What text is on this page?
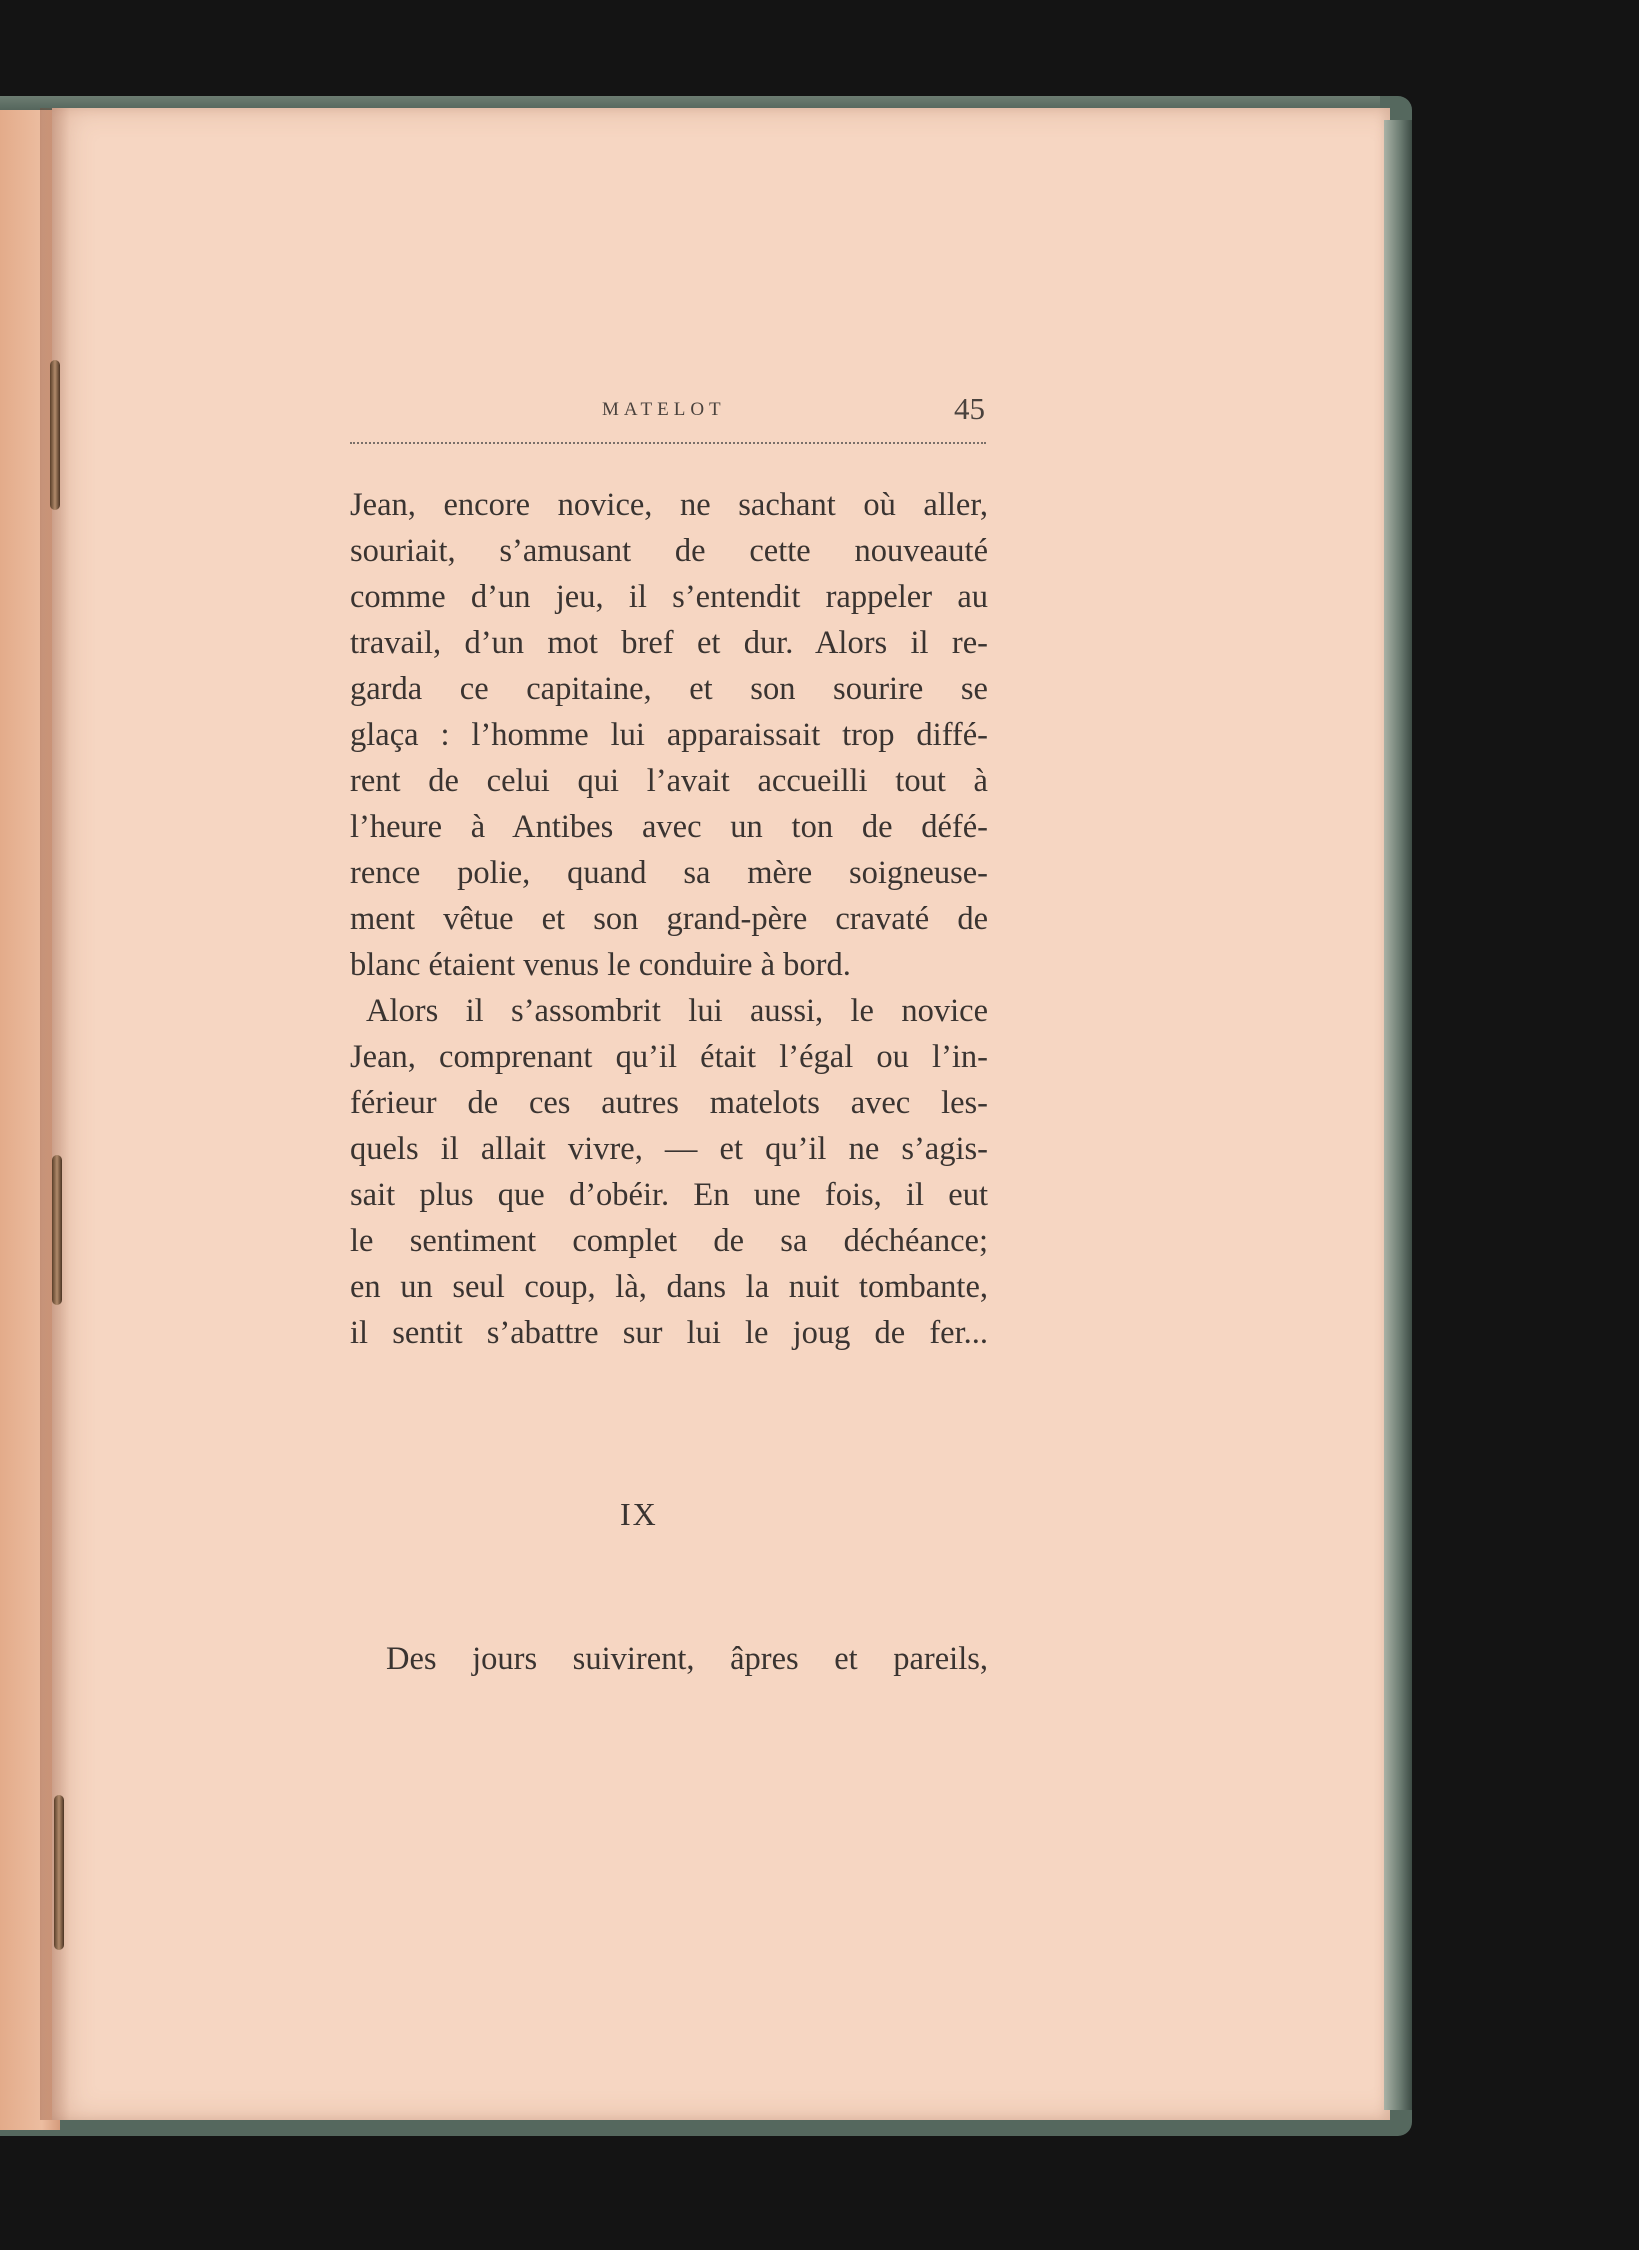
MATELOT	45
Jean, encore novice, ne sachant où aller,
souriait, s’amusant de cette nouveauté
comme d’un jeu, il s’entendit rappeler au
travail, d’un mot bref et dur. Alors il re-
garda ce capitaine, et son sourire se
glaça : l’homme lui apparaissait trop diffé-
rent de celui qui l’avait accueilli tout à
l’heure à Antibes avec un ton de défé-
rence polie, quand sa mère soigneuse-
ment vêtue et son grand-père cravaté de
blanc étaient venus le conduire à bord.
Alors il s’assombrit lui aussi, le novice
Jean, comprenant qu’il était l’égal ou l’in-
férieur de ces autres matelots avec les-
quels il allait vivre, — et qu’il ne s’agis-
sait plus que d’obéir. En une fois, il eut
le sentiment complet de sa déchéance;
en un seul coup, là, dans la nuit tombante,
il sentit s’abattre sur lui le joug de fer...
IX
Des jours suivirent, âpres et pareils,
